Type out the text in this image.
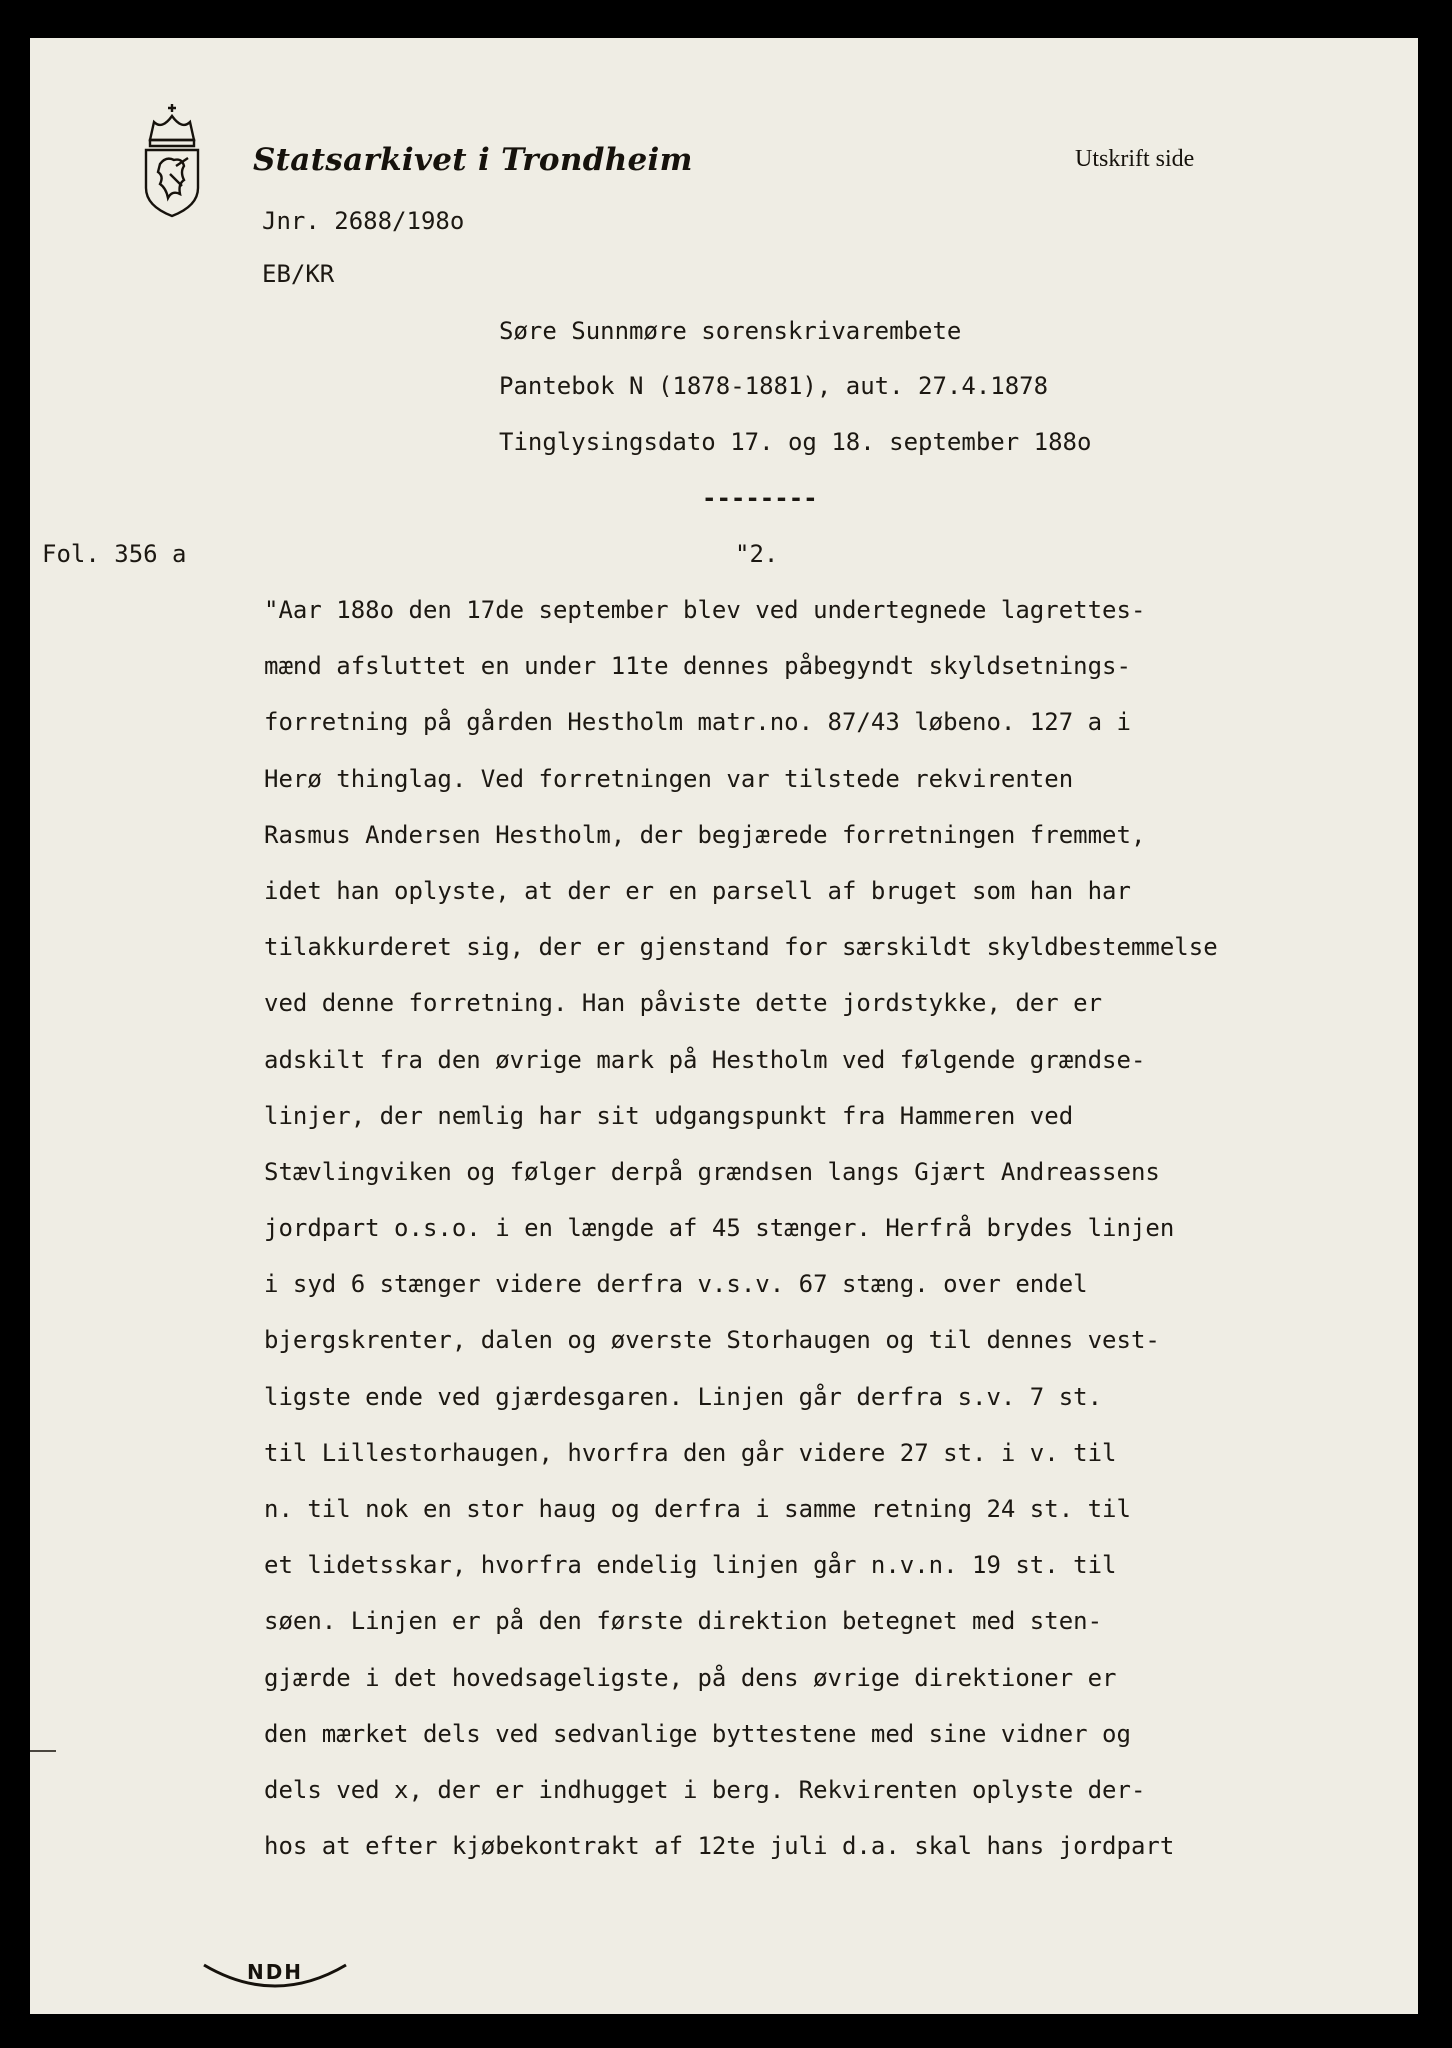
Statsarkivet i Trondheim	Utskrift side
Jnr. 2688/198o
EB/KR
Søre Sunnmøre sorenskrivarembete
Pantebok N (1878-1881), aut. 27.4.1878
Tinglysingsdato 17. og 18. september 188o
--------
Fol. 356 a	"2.
"Aar 188o den 17de september blev ved undertegnede lagrettes-
mænd afsluttet en under 11te dennes påbegyndt skyldsetnings-
forretning på gården Hestholm matr.no. 87/43 løbeno. 127 a i
Herø thinglag. Ved forretningen var tilstede rekvirenten
Rasmus Andersen Hestholm, der begjærede forretningen fremmet,
idet han oplyste, at der er en parsell af bruget som han har
tilakkurderet sig, der er gjenstand for særskildt skyldbestemmelse
ved denne forretning. Han påviste dette jordstykke, der er
adskilt fra den øvrige mark på Hestholm ved følgende grændse-
linjer, der nemlig har sit udgangspunkt fra Hammeren ved
Stævlingviken og følger derpå grændsen langs Gjært Andreassens
jordpart o.s.o. i en længde af 45 stænger. Herfrå brydes linjen
i syd 6 stænger videre derfra v.s.v. 67 stæng. over endel
bjergskrenter, dalen og øverste Storhaugen og til dennes vest-
ligste ende ved gjærdesgaren. Linjen går derfra s.v. 7 st.
til Lillestorhaugen, hvorfra den går videre 27 st. i v. til
n. til nok en stor haug og derfra i samme retning 24 st. til
et lidetsskar, hvorfra endelig linjen går n.v.n. 19 st. til
søen. Linjen er på den første direktion betegnet med sten-
gjærde i det hovedsageligste, på dens øvrige direktioner er
den mærket dels ved sedvanlige byttestene med sine vidner og
dels ved x, der er indhugget i berg. Rekvirenten oplyste der-
hos at efter kjøbekontrakt af 12te juli d.a. skal hans jordpart
NDH
